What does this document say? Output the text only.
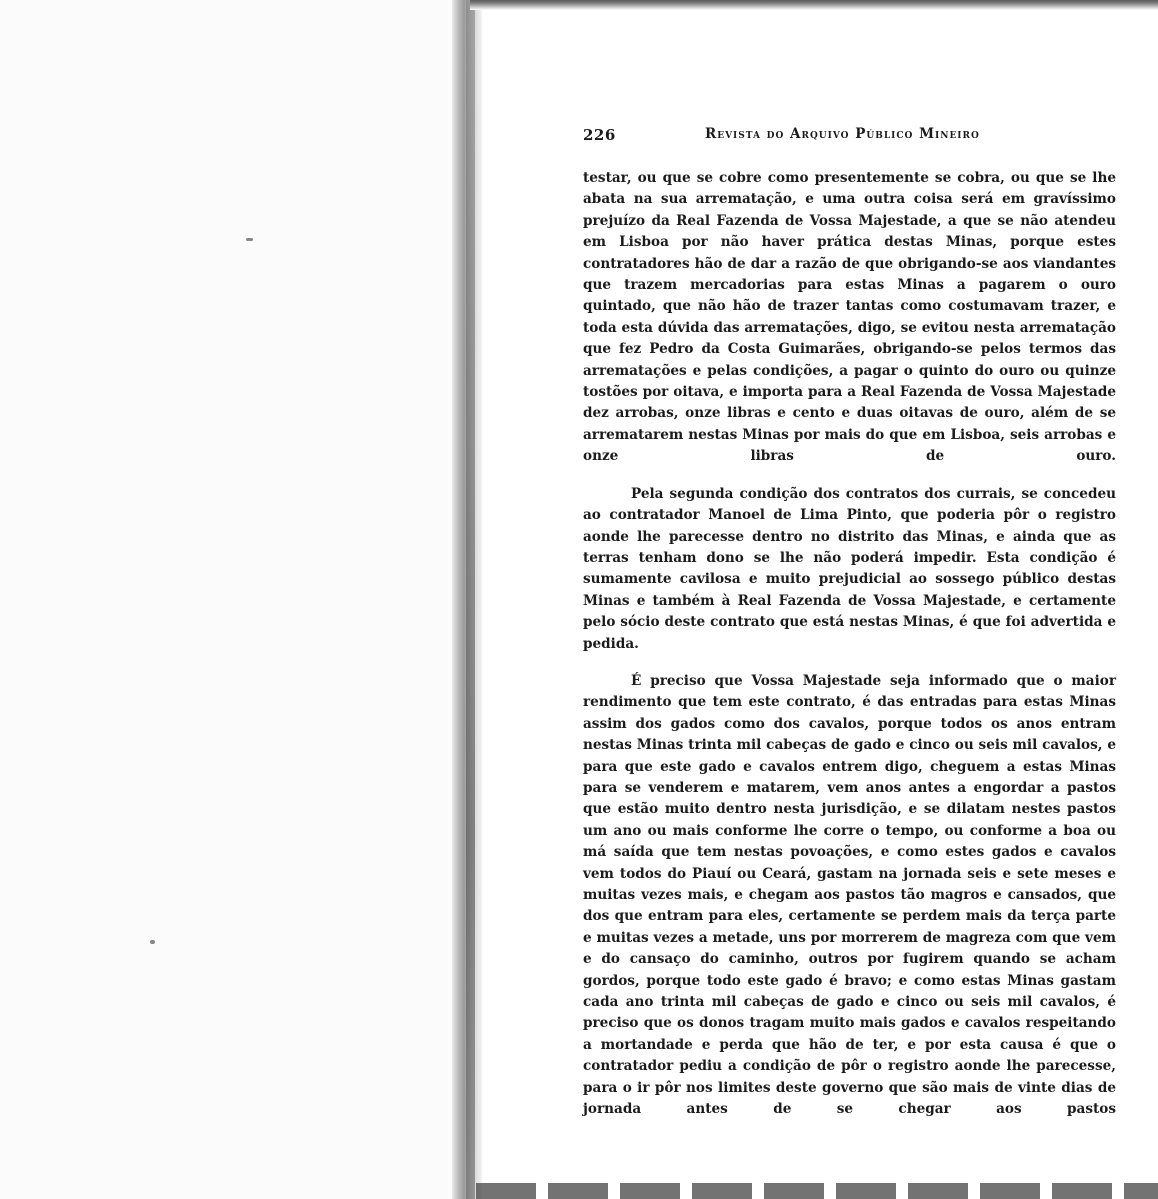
226	Revista do Arquivo Público Mineiro

testar, ou que se cobre como presentemente se cobra, ou que se lhe abata na sua arrematação, e uma outra coisa será em gravíssimo prejuízo da Real Fazenda de Vossa Majestade, a que se não atendeu em Lisboa por não haver prática destas Minas, porque estes contratadores hão de dar a razão de que obrigando-se aos viandantes que trazem mercadorias para estas Minas a pagarem o ouro quintado, que não hão de trazer tantas como costumavam trazer, e toda esta dúvida das arrematações, digo, se evitou nesta arrematação que fez Pedro da Costa Guimarães, obrigando-se pelos termos das arrematações e pelas condições, a pagar o quinto do ouro ou quinze tostões por oitava, e importa para a Real Fazenda de Vossa Majestade dez arrobas, onze libras e cento e duas oitavas de ouro, além de se arrematarem nestas Minas por mais do que em Lisboa, seis arrobas e onze libras de ouro.

Pela segunda condição dos contratos dos currais, se concedeu ao contratador Manoel de Lima Pinto, que poderia pôr o registro aonde lhe parecesse dentro no distrito das Minas, e ainda que as terras tenham dono se lhe não poderá impedir. Esta condição é sumamente cavilosa e muito prejudicial ao sossego público destas Minas e também à Real Fazenda de Vossa Majestade, e certamente pelo sócio deste contrato que está nestas Minas, é que foi advertida e pedida.

É preciso que Vossa Majestade seja informado que o maior rendimento que tem este contrato, é das entradas para estas Minas assim dos gados como dos cavalos, porque todos os anos entram nestas Minas trinta mil cabeças de gado e cinco ou seis mil cavalos, e para que este gado e cavalos entrem digo, cheguem a estas Minas para se venderem e matarem, vem anos antes a engordar a pastos que estão muito dentro nesta jurisdição, e se dilatam nestes pastos um ano ou mais conforme lhe corre o tempo, ou conforme a boa ou má saída que tem nestas povoações, e como estes gados e cavalos vem todos do Piauí ou Ceará, gastam na jornada seis e sete meses e muitas vezes mais, e chegam aos pastos tão magros e cansados, que dos que entram para eles, certamente se perdem mais da terça parte e muitas vezes a metade, uns por morrerem de magreza com que vem e do cansaço do caminho, outros por fugirem quando se acham gordos, porque todo este gado é bravo; e como estas Minas gastam cada ano trinta mil cabeças de gado e cinco ou seis mil cavalos, é preciso que os donos tragam muito mais gados e cavalos respeitando a mortandade e perda que hão de ter, e por esta causa é que o contratador pediu a condição de pôr o registro aonde lhe parecesse, para o ir pôr nos limites deste governo que são mais de vinte dias de jornada antes de se chegar aos pastos
